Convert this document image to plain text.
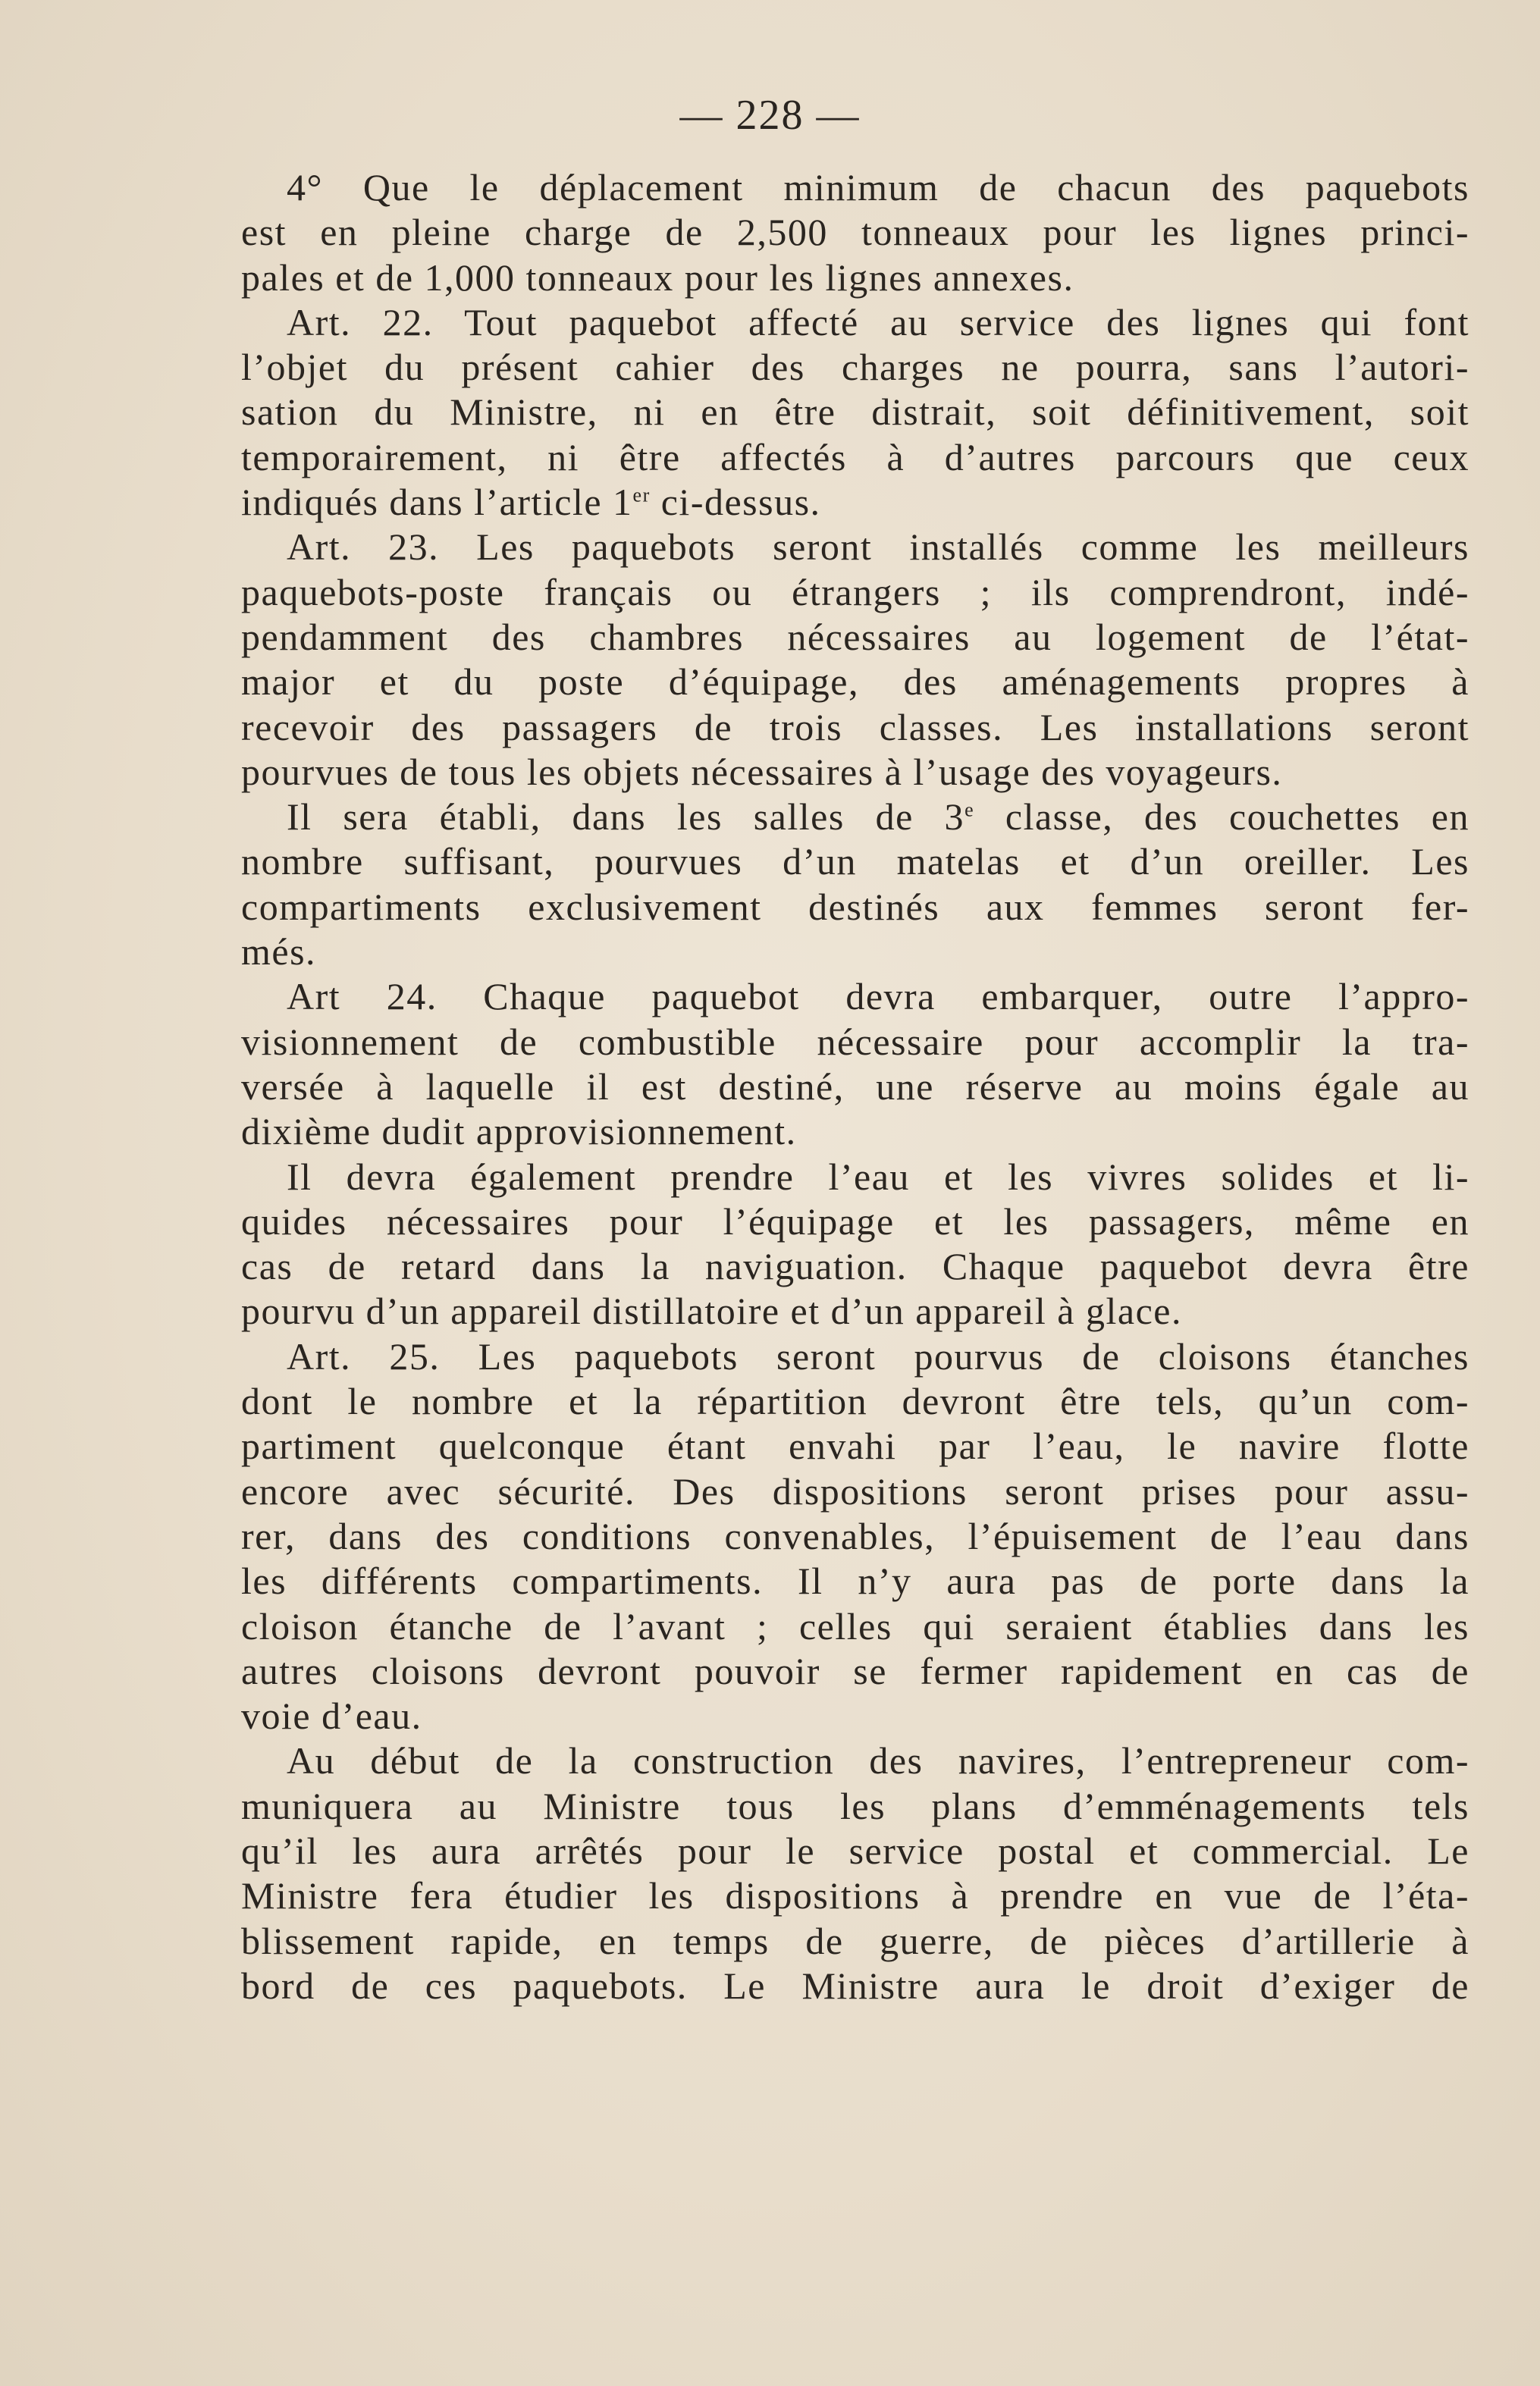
— 228 —
4° Que le déplacement minimum de chacun des paquebots
est en pleine charge de 2,500 tonneaux pour les lignes princi-
pales et de 1,000 tonneaux pour les lignes annexes.
Art. 22. Tout paquebot affecté au service des lignes qui font
l’objet du présent cahier des charges ne pourra, sans l’autori-
sation du Ministre, ni en être distrait, soit définitivement, soit
temporairement, ni être affectés à d’autres parcours que ceux
indiqués dans l’article 1er ci-dessus.
Art. 23. Les paquebots seront installés comme les meilleurs
paquebots-poste français ou étrangers ; ils comprendront, indé-
pendamment des chambres nécessaires au logement de l’état-
major et du poste d’équipage, des aménagements propres à
recevoir des passagers de trois classes. Les installations seront
pourvues de tous les objets nécessaires à l’usage des voyageurs.
Il sera établi, dans les salles de 3e classe, des couchettes en
nombre suffisant, pourvues d’un matelas et d’un oreiller. Les
compartiments exclusivement destinés aux femmes seront fer-
més.
Art 24. Chaque paquebot devra embarquer, outre l’appro-
visionnement de combustible nécessaire pour accomplir la tra-
versée à laquelle il est destiné, une réserve au moins égale au
dixième dudit approvisionnement.
Il devra également prendre l’eau et les vivres solides et li-
quides nécessaires pour l’équipage et les passagers, même en
cas de retard dans la naviguation. Chaque paquebot devra être
pourvu d’un appareil distillatoire et d’un appareil à glace.
Art. 25. Les paquebots seront pourvus de cloisons étanches
dont le nombre et la répartition devront être tels, qu’un com-
partiment quelconque étant envahi par l’eau, le navire flotte
encore avec sécurité. Des dispositions seront prises pour assu-
rer, dans des conditions convenables, l’épuisement de l’eau dans
les différents compartiments. Il n’y aura pas de porte dans la
cloison étanche de l’avant ; celles qui seraient établies dans les
autres cloisons devront pouvoir se fermer rapidement en cas de
voie d’eau.
Au début de la construction des navires, l’entrepreneur com-
muniquera au Ministre tous les plans d’emménagements tels
qu’il les aura arrêtés pour le service postal et commercial. Le
Ministre fera étudier les dispositions à prendre en vue de l’éta-
blissement rapide, en temps de guerre, de pièces d’artillerie à
bord de ces paquebots. Le Ministre aura le droit d’exiger de
